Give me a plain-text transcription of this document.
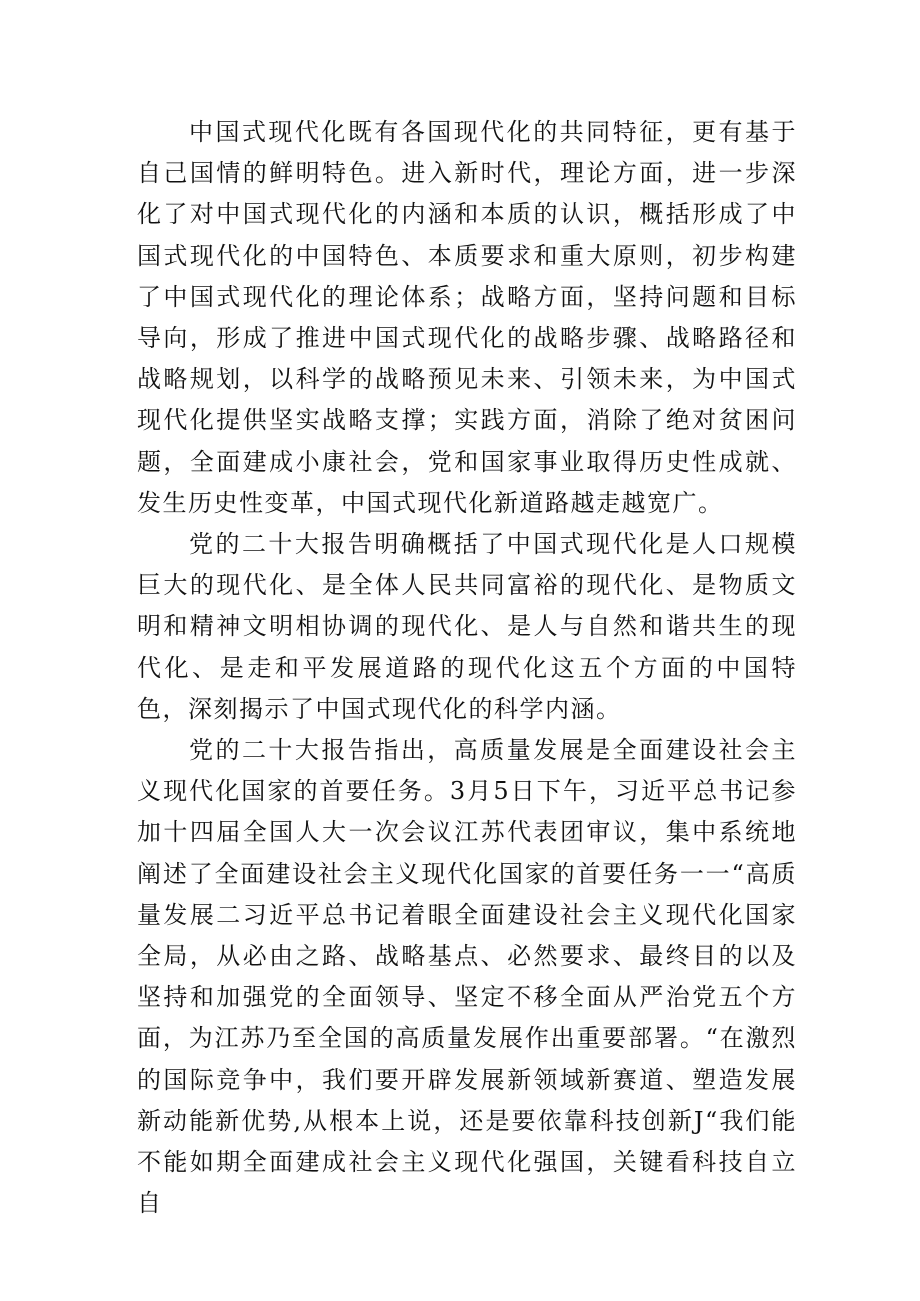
中国式现代化既有各国现代化的共同特征，更有基于自己国情的鲜明特色。进入新时代，理论方面，进一步深化了对中国式现代化的内涵和本质的认识，概括形成了中国式现代化的中国特色、本质要求和重大原则，初步构建了中国式现代化的理论体系；战略方面，坚持问题和目标导向，形成了推进中国式现代化的战略步骤、战略路径和战略规划，以科学的战略预见未来、引领未来，为中国式现代化提供坚实战略支撑；实践方面，消除了绝对贫困问题，全面建成小康社会，党和国家事业取得历史性成就、发生历史性变革，中国式现代化新道路越走越宽广。

党的二十大报告明确概括了中国式现代化是人口规模巨大的现代化、是全体人民共同富裕的现代化、是物质文明和精神文明相协调的现代化、是人与自然和谐共生的现代化、是走和平发展道路的现代化这五个方面的中国特色，深刻揭示了中国式现代化的科学内涵。

党的二十大报告指出，高质量发展是全面建设社会主义现代化国家的首要任务。3月5日下午，习近平总书记参加十四届全国人大一次会议江苏代表团审议，集中系统地阐述了全面建设社会主义现代化国家的首要任务一一“高质量发展二习近平总书记着眼全面建设社会主义现代化国家全局，从必由之路、战略基点、必然要求、最终目的以及坚持和加强党的全面领导、坚定不移全面从严治党五个方面，为江苏乃至全国的高质量发展作出重要部署。“在激烈的国际竞争中，我们要开辟发展新领域新赛道、塑造发展新动能新优势,从根本上说，还是要依靠科技创新J“我们能不能如期全面建成社会主义现代化强国，关键看科技自立自
